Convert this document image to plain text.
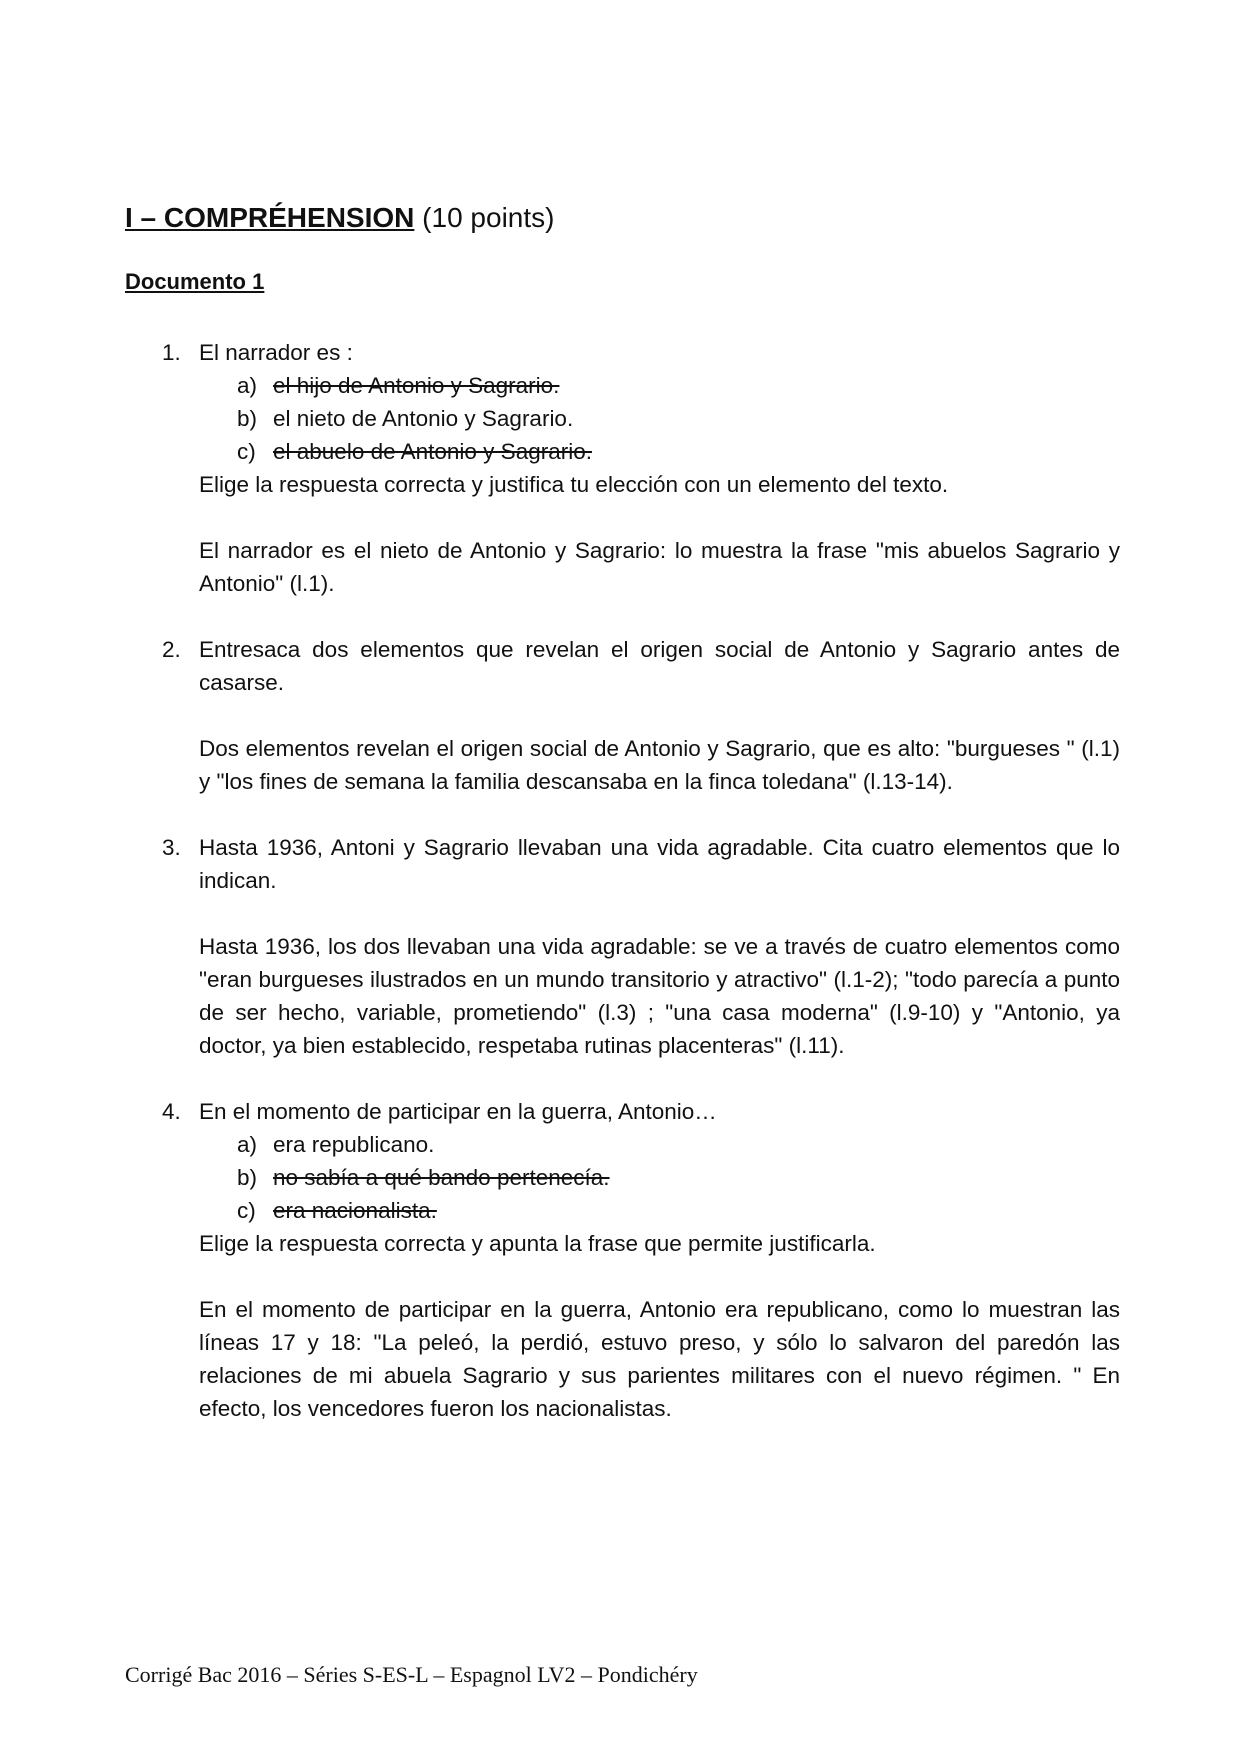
I – COMPRÉHENSION (10 points)

Documento 1
1. El narrador es :
a) el hijo de Antonio y Sagrario.
b) el nieto de Antonio y Sagrario.
c) el abuelo de Antonio y Sagrario.
Elige la respuesta correcta y justifica tu elección con un elemento del texto.
El narrador es el nieto de Antonio y Sagrario: lo muestra la frase "mis abuelos Sagrario y Antonio" (l.1).
2. Entresaca dos elementos que revelan el origen social de Antonio y Sagrario antes de casarse.
Dos elementos revelan el origen social de Antonio y Sagrario, que es alto: "burgueses " (l.1) y "los fines de semana la familia descansaba en la finca toledana" (l.13-14).
3. Hasta 1936, Antoni y Sagrario llevaban una vida agradable. Cita cuatro elementos que lo indican.
Hasta 1936, los dos llevaban una vida agradable: se ve a través de cuatro elementos como "eran burgueses ilustrados en un mundo transitorio y atractivo" (l.1-2); "todo parecía a punto de ser hecho, variable, prometiendo" (l.3) ; "una casa moderna" (l.9-10) y "Antonio, ya doctor, ya bien establecido, respetaba rutinas placenteras" (l.11).
4. En el momento de participar en la guerra, Antonio…
a) era republicano.
b) no sabía a qué bando pertenecía.
c) era nacionalista.
Elige la respuesta correcta y apunta la frase que permite justificarla.
En el momento de participar en la guerra, Antonio era republicano, como lo muestran las líneas 17 y 18: "La peleó, la perdió, estuvo preso, y sólo lo salvaron del paredón las relaciones de mi abuela Sagrario y sus parientes militares con el nuevo régimen. " En efecto, los vencedores fueron los nacionalistas.
Corrigé Bac 2016 – Séries S-ES-L – Espagnol LV2 – Pondichéry
